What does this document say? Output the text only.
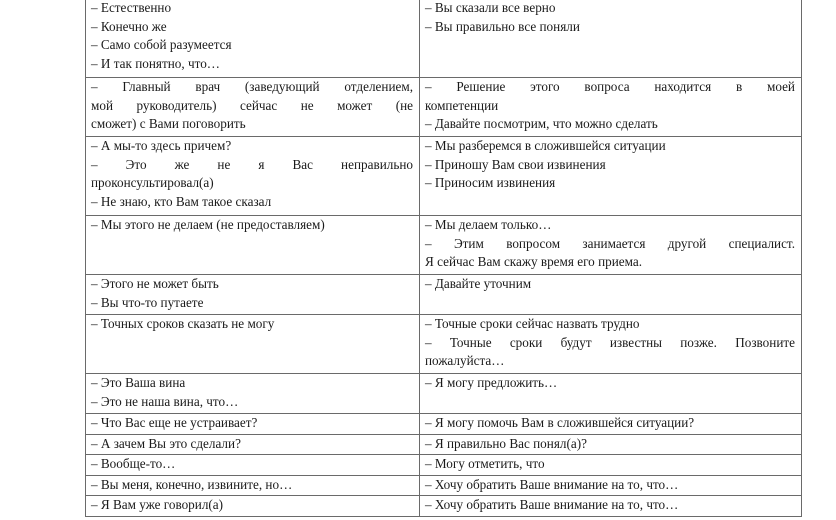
– Естественно
– Конечно же
– Само собой разумеется
– И так понятно, что…	– Вы сказали все верно
– Вы правильно все поняли

– Главный врач (заведующий отделением,
мой руководитель) сейчас не может (не
сможет) с Вами поговорить	– Решение этого вопроса находится в моей
компетенции
– Давайте посмотрим, что можно сделать

– А мы-то здесь причем?
– Это же не я Вас неправильно
проконсультировал(а)
– Не знаю, кто Вам такое сказал	– Мы разберемся в сложившейся ситуации
– Приношу Вам свои извинения
– Приносим извинения

– Мы этого не делаем (не предоставляем)	– Мы делаем только…
– Этим вопросом занимается другой специалист.
Я сейчас Вам скажу время его приема.

– Этого не может быть
– Вы что-то путаете	– Давайте уточним

– Точных сроков сказать не могу	– Точные сроки сейчас назвать трудно
– Точные сроки будут известны позже. Позвоните
пожалуйста…

– Это Ваша вина
– Это не наша вина, что…	– Я могу предложить…

– Что Вас еще не устраивает?	– Я могу помочь Вам в сложившейся ситуации?

– А зачем Вы это сделали?	– Я правильно Вас понял(а)?

– Вообще-то…	– Могу отметить, что

– Вы меня, конечно, извините, но…	– Хочу обратить Ваше внимание на то, что…

– Я Вам уже говорил(а)	– Хочу обратить Ваше внимание на то, что…
